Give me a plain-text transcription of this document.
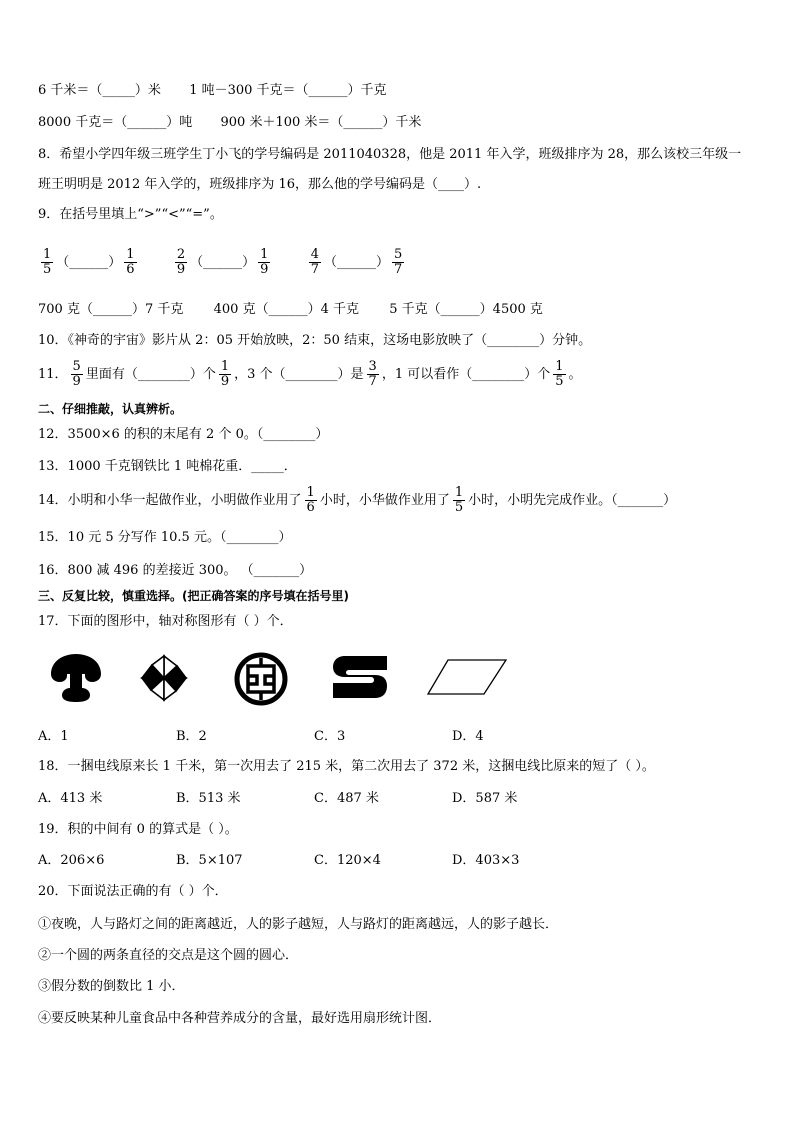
6 千米＝（_____）米 1 吨－300 千克＝（______）千克
8000 千克＝（______）吨 900 米＋100 米＝（______）千米
8．希望小学四年级三班学生丁小飞的学号编码是 2011040328，他是 2011 年入学，班级排序为 28，那么该校三年级一
班王明明是 2012 年入学的，班级排序为 16，那么他的学号编码是（____）.
9．在括号里填上“>”“<”“=”。
$\frac{1}{5}$ （______） $\frac{1}{6}$
	$\frac{2}{9}$ （______） $\frac{1}{9}$
	$\frac{4}{7}$ （______） $\frac{5}{7}$
700 克（______）7 千克 400 克（______）4 千克 5 千克（______）4500 克
10．《神奇的宇宙》影片从 2：05 开始放映，2：50 结束，这场电影放映了（________）分钟。
11． $\frac{5}{9}$ 里面有（________）个 $\frac{1}{9}$ ，3 个（________）是 $\frac{3}{7}$ ，1 可以看作（________）个 $\frac{1}{5}$ 。
二、仔细推敲，认真辨析。
12．3500×6 的积的末尾有 2 个 0。（________）
13．1000 千克钢铁比 1 吨棉花重．_____．
14．小明和小华一起做作业，小明做作业用了 $\frac{1}{6}$ 小时，小华做作业用了 $\frac{1}{5}$ 小时，小明先完成作业。（_______）
15．10 元 5 分写作 10.5 元。（________）
16．800 减 496 的差接近 300。 （_______）
三、反复比较，慎重选择。(把正确答案的序号填在括号里)
17．下面的图形中，轴对称图形有（ ）个．
A．1	B．2	C．3	D．4
18．一捆电线原来长 1 千米，第一次用去了 215 米，第二次用去了 372 米，这捆电线比原来的短了（ ）。
A．413 米	B．513 米	C．487 米	D．587 米
19．积的中间有 0 的算式是（ ）。
A．206×6	B．5×107	C．120×4	D．403×3
20．下面说法正确的有（ ）个．
①夜晚，人与路灯之间的距离越近，人的影子越短，人与路灯的距离越远，人的影子越长．
②一个圆的两条直径的交点是这个圆的圆心．
③假分数的倒数比 1 小．
④要反映某种儿童食品中各种营养成分的含量，最好选用扇形统计图．
